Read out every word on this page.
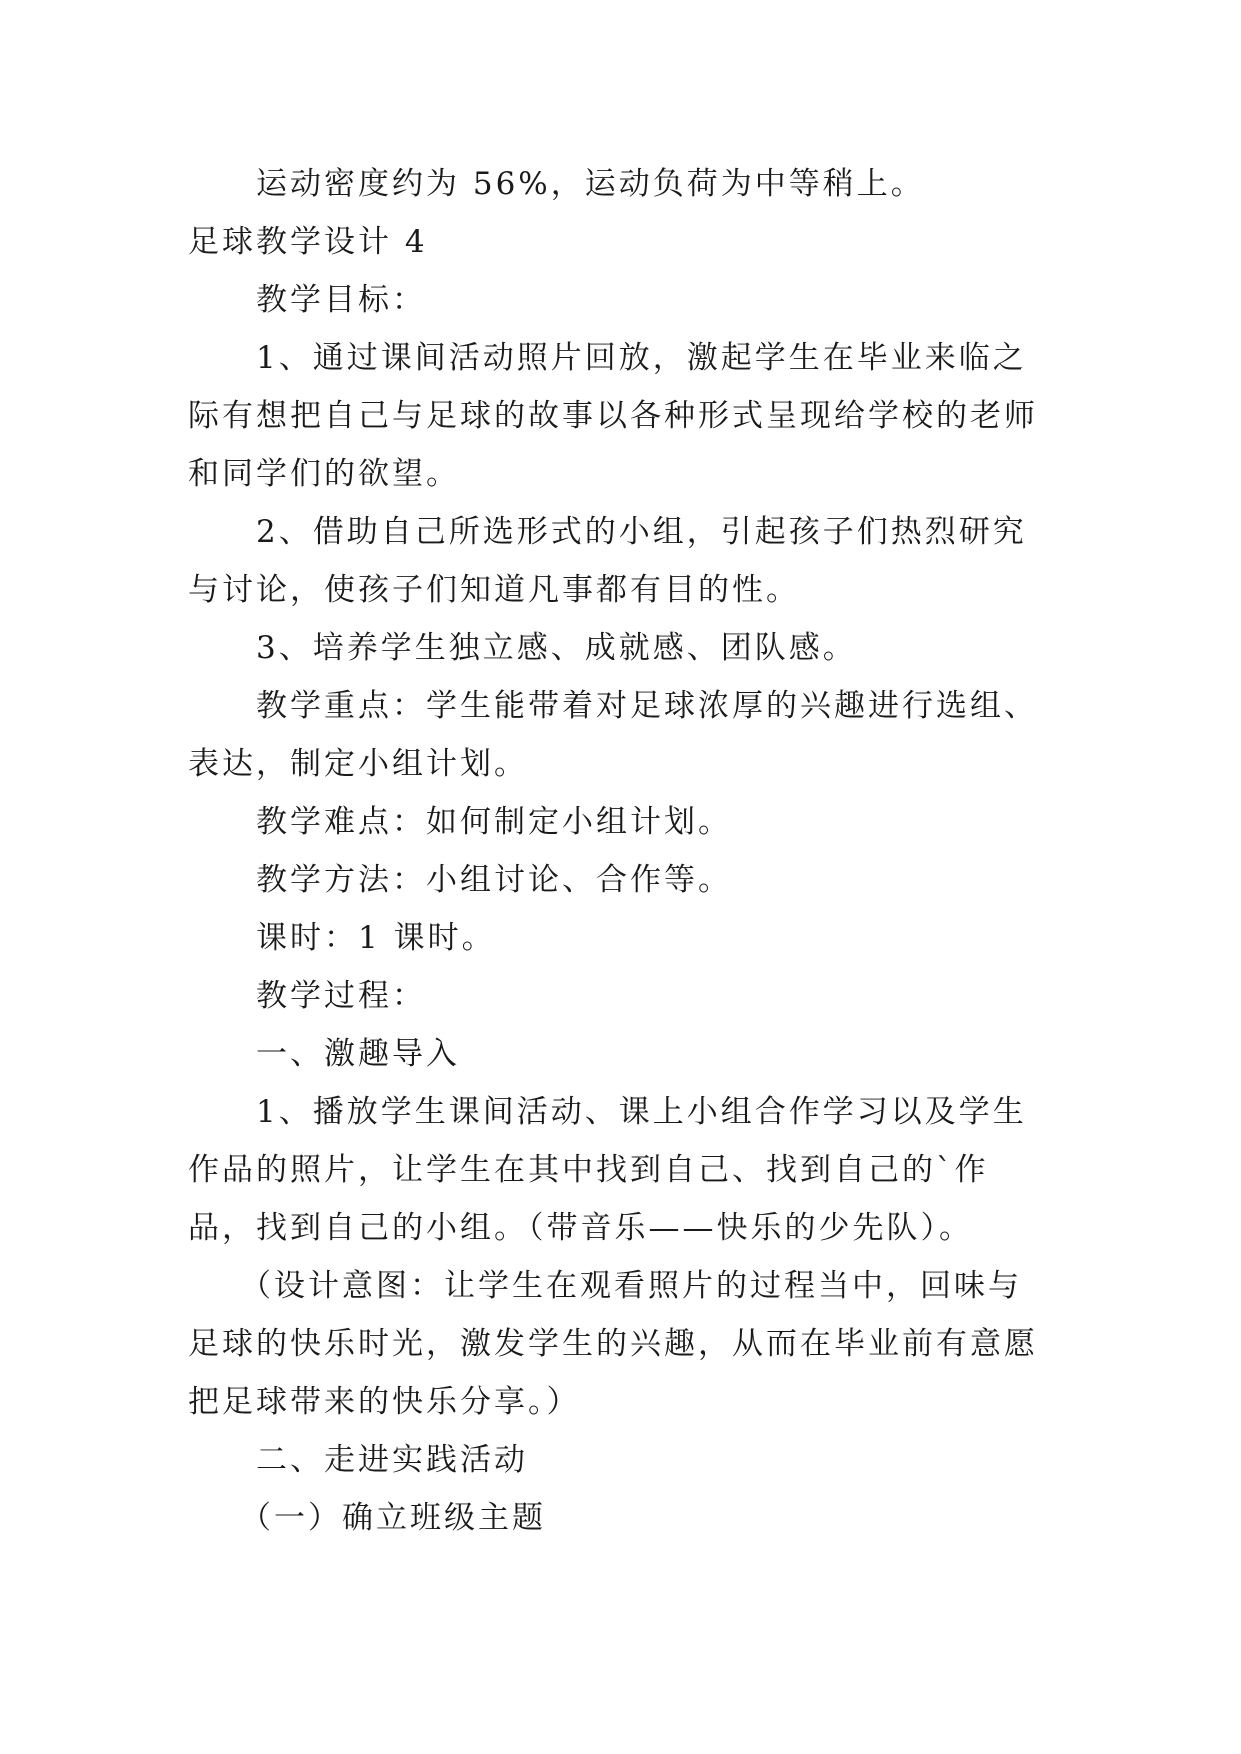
运动密度约为 56%，运动负荷为中等稍上。

足球教学设计 4

教学目标：

1、通过课间活动照片回放，激起学生在毕业来临之际有想把自己与足球的故事以各种形式呈现给学校的老师和同学们的欲望。

2、借助自己所选形式的小组，引起孩子们热烈研究与讨论，使孩子们知道凡事都有目的性。

3、培养学生独立感、成就感、团队感。

教学重点：学生能带着对足球浓厚的兴趣进行选组、表达，制定小组计划。

教学难点：如何制定小组计划。

教学方法：小组讨论、合作等。

课时：1 课时。

教学过程：

一、激趣导入

1、播放学生课间活动、课上小组合作学习以及学生作品的照片，让学生在其中找到自己、找到自己的`作品，找到自己的小组。（带音乐——快乐的少先队）。

（设计意图：让学生在观看照片的过程当中，回味与足球的快乐时光，激发学生的兴趣，从而在毕业前有意愿把足球带来的快乐分享。）

二、走进实践活动

（一）确立班级主题
